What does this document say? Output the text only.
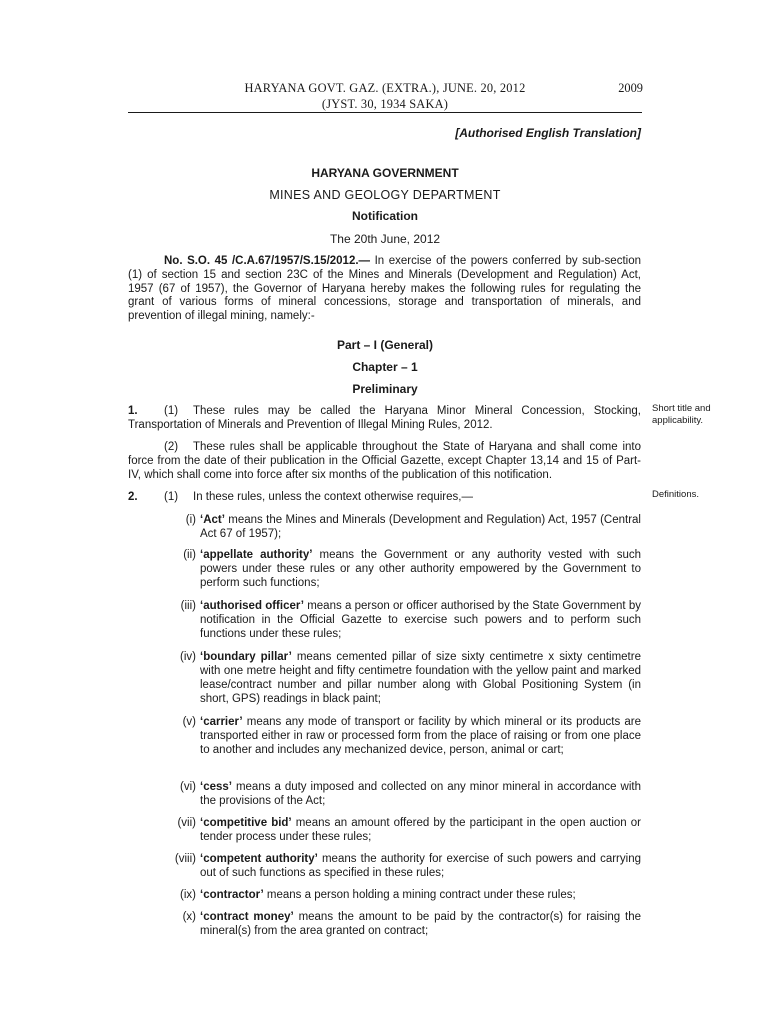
HARYANA GOVT. GAZ. (EXTRA.), JUNE. 20, 2012
(JYST. 30, 1934 SAKA)
2009
[Authorised English Translation]
HARYANA GOVERNMENT
MINES AND GEOLOGY DEPARTMENT
Notification
The 20th June, 2012
No. S.O. 45 /C.A.67/1957/S.15/2012.— In exercise of the powers conferred by sub-section (1) of section 15 and section 23C of the Mines and Minerals (Development and Regulation) Act, 1957 (67 of 1957), the Governor of Haryana hereby makes the following rules for regulating the grant of various forms of mineral concessions, storage and transportation of minerals, and prevention of illegal mining, namely:-
Part – I (General)
Chapter – 1
Preliminary
1. (1) These rules may be called the Haryana Minor Mineral Concession, Stocking, Transportation of Minerals and Prevention of Illegal Mining Rules, 2012.
Short title and applicability.
(2) These rules shall be applicable throughout the State of Haryana and shall come into force from the date of their publication in the Official Gazette, except Chapter 13,14 and 15 of Part-IV, which shall come into force after six months of the publication of this notification.
2. (1) In these rules, unless the context otherwise requires,—	Definitions.
(i) ‘Act’ means the Mines and Minerals (Development and Regulation) Act, 1957 (Central Act 67 of 1957);
(ii) ‘appellate authority’ means the Government or any authority vested with such powers under these rules or any other authority empowered by the Government to perform such functions;
(iii) ‘authorised officer’ means a person or officer authorised by the State Government by notification in the Official Gazette to exercise such powers and to perform such functions under these rules;
(iv) ‘boundary pillar’ means cemented pillar of size sixty centimetre x sixty centimetre with one metre height and fifty centimetre foundation with the yellow paint and marked lease/contract number and pillar number along with Global Positioning System (in short, GPS) readings in black paint;
(v) ‘carrier’ means any mode of transport or facility by which mineral or its products are transported either in raw or processed form from the place of raising or from one place to another and includes any mechanized device, person, animal or cart;
(vi) ‘cess’ means a duty imposed and collected on any minor mineral in accordance with the provisions of the Act;
(vii) ‘competitive bid’ means an amount offered by the participant in the open auction or tender process under these rules;
(viii) ‘competent authority’ means the authority for exercise of such powers and carrying out of such functions as specified in these rules;
(ix) ‘contractor’ means a person holding a mining contract under these rules;
(x) ‘contract money’ means the amount to be paid by the contractor(s) for raising the mineral(s) from the area granted on contract;
